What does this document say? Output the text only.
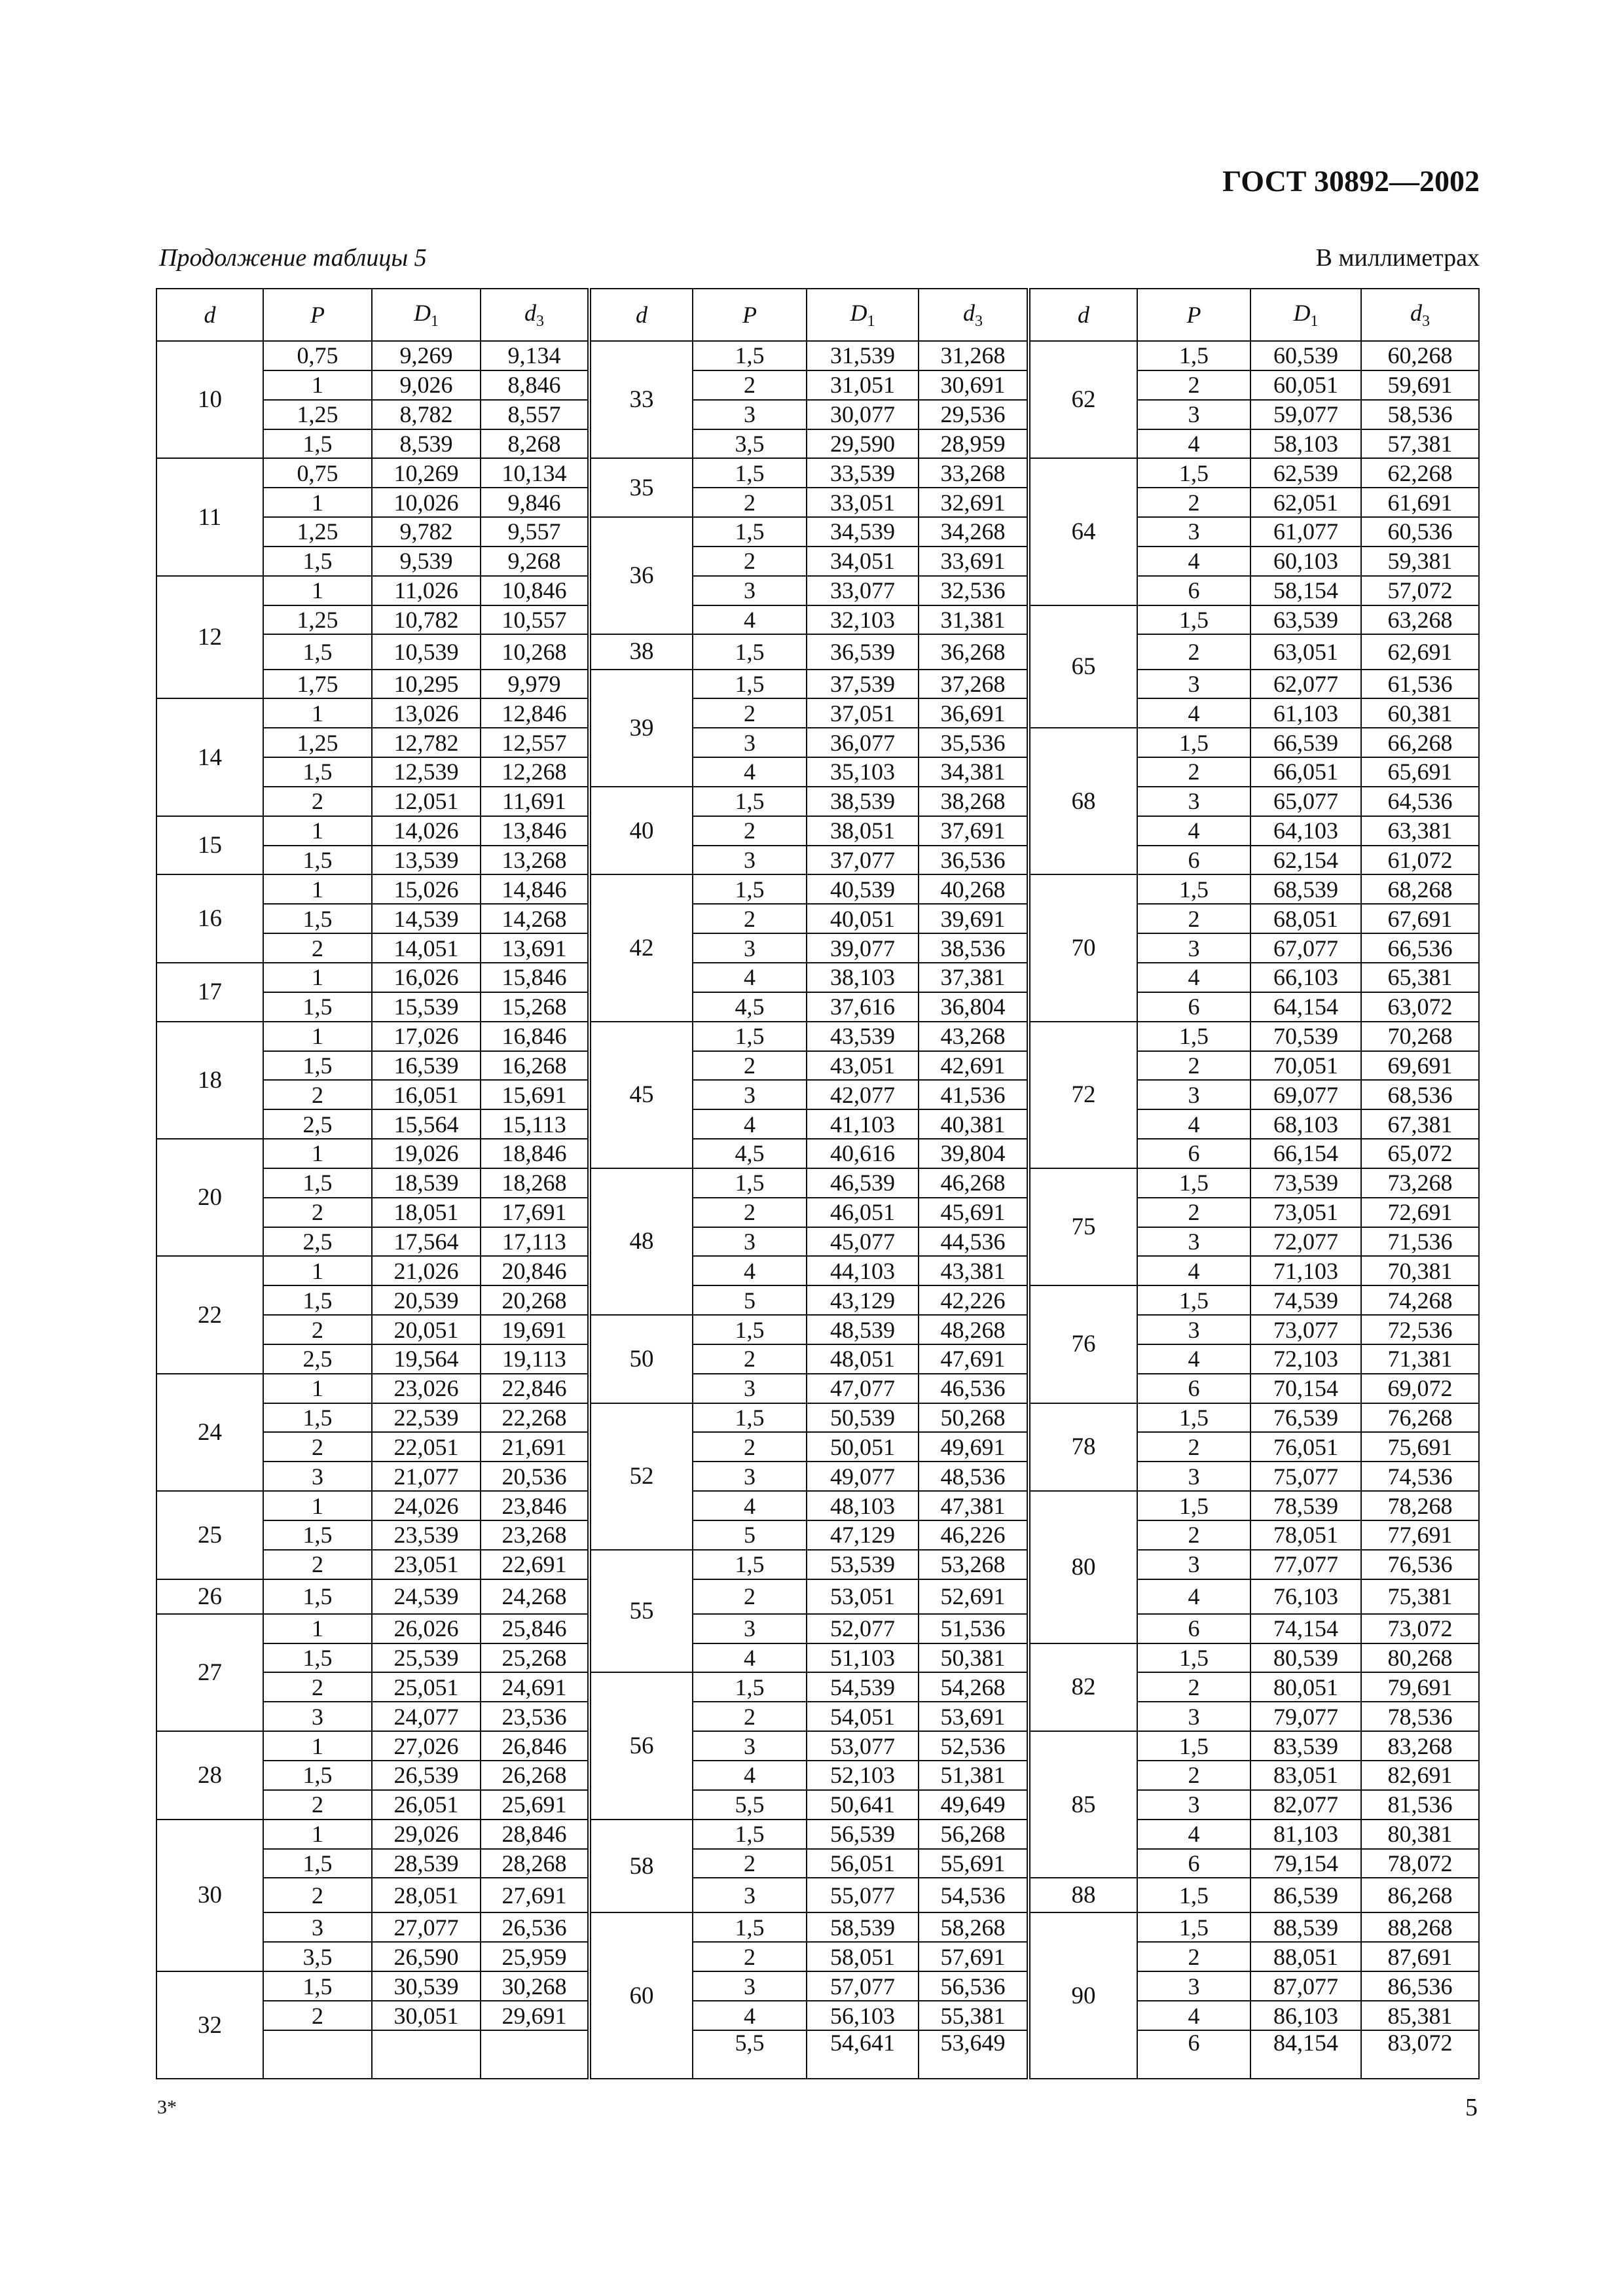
ГОСТ 30892—2002
Продолжение таблицы 5	В миллиметрах
d	P	$D_1$	$d_3$	d	P	$D_1$	$d_3$	d	P	$D_1$	$d_3$
10	0,75	9,269	9,134	33	1,5	31,539	31,268	62	1,5	60,539	60,268
	1	9,026	8,846		2	31,051	30,691		2	60,051	59,691
	1,25	8,782	8,557		3	30,077	29,536		3	59,077	58,536
	1,5	8,539	8,268		3,5	29,590	28,959		4	58,103	57,381
11	0,75	10,269	10,134	35	1,5	33,539	33,268	64	1,5	62,539	62,268
	1	10,026	9,846		2	33,051	32,691		2	62,051	61,691
	1,25	9,782	9,557	36	1,5	34,539	34,268		3	61,077	60,536
	1,5	9,539	9,268		2	34,051	33,691		4	60,103	59,381
12	1	11,026	10,846		3	33,077	32,536		6	58,154	57,072
	1,25	10,782	10,557		4	32,103	31,381	65	1,5	63,539	63,268
	1,5	10,539	10,268	38	1,5	36,539	36,268		2	63,051	62,691
	1,75	10,295	9,979	39	1,5	37,539	37,268		3	62,077	61,536
14	1	13,026	12,846		2	37,051	36,691		4	61,103	60,381
	1,25	12,782	12,557		3	36,077	35,536	68	1,5	66,539	66,268
	1,5	12,539	12,268		4	35,103	34,381		2	66,051	65,691
	2	12,051	11,691	40	1,5	38,539	38,268		3	65,077	64,536
15	1	14,026	13,846		2	38,051	37,691		4	64,103	63,381
	1,5	13,539	13,268		3	37,077	36,536		6	62,154	61,072
16	1	15,026	14,846	42	1,5	40,539	40,268	70	1,5	68,539	68,268
	1,5	14,539	14,268		2	40,051	39,691		2	68,051	67,691
	2	14,051	13,691		3	39,077	38,536		3	67,077	66,536
17	1	16,026	15,846		4	38,103	37,381		4	66,103	65,381
	1,5	15,539	15,268		4,5	37,616	36,804		6	64,154	63,072
18	1	17,026	16,846	45	1,5	43,539	43,268	72	1,5	70,539	70,268
	1,5	16,539	16,268		2	43,051	42,691		2	70,051	69,691
	2	16,051	15,691		3	42,077	41,536		3	69,077	68,536
	2,5	15,564	15,113		4	41,103	40,381		4	68,103	67,381
20	1	19,026	18,846		4,5	40,616	39,804		6	66,154	65,072
	1,5	18,539	18,268	48	1,5	46,539	46,268	75	1,5	73,539	73,268
	2	18,051	17,691		2	46,051	45,691		2	73,051	72,691
	2,5	17,564	17,113		3	45,077	44,536		3	72,077	71,536
22	1	21,026	20,846		4	44,103	43,381		4	71,103	70,381
	1,5	20,539	20,268		5	43,129	42,226	76	1,5	74,539	74,268
	2	20,051	19,691	50	1,5	48,539	48,268		3	73,077	72,536
	2,5	19,564	19,113		2	48,051	47,691		4	72,103	71,381
24	1	23,026	22,846		3	47,077	46,536		6	70,154	69,072
	1,5	22,539	22,268	52	1,5	50,539	50,268	78	1,5	76,539	76,268
	2	22,051	21,691		2	50,051	49,691		2	76,051	75,691
	3	21,077	20,536		3	49,077	48,536		3	75,077	74,536
25	1	24,026	23,846		4	48,103	47,381	80	1,5	78,539	78,268
	1,5	23,539	23,268		5	47,129	46,226		2	78,051	77,691
	2	23,051	22,691	55	1,5	53,539	53,268		3	77,077	76,536
26	1,5	24,539	24,268		2	53,051	52,691		4	76,103	75,381
27	1	26,026	25,846		3	52,077	51,536		6	74,154	73,072
	1,5	25,539	25,268		4	51,103	50,381	82	1,5	80,539	80,268
	2	25,051	24,691	56	1,5	54,539	54,268		2	80,051	79,691
	3	24,077	23,536		2	54,051	53,691		3	79,077	78,536
28	1	27,026	26,846		3	53,077	52,536	85	1,5	83,539	83,268
	1,5	26,539	26,268		4	52,103	51,381		2	83,051	82,691
	2	26,051	25,691		5,5	50,641	49,649		3	82,077	81,536
30	1	29,026	28,846	58	1,5	56,539	56,268		4	81,103	80,381
	1,5	28,539	28,268		2	56,051	55,691		6	79,154	78,072
	2	28,051	27,691		3	55,077	54,536	88	1,5	86,539	86,268
	3	27,077	26,536	60	1,5	58,539	58,268	90	1,5	88,539	88,268
	3,5	26,590	25,959		2	58,051	57,691		2	88,051	87,691
32	1,5	30,539	30,268		3	57,077	56,536		3	87,077	86,536
	2	30,051	29,691		4	56,103	55,381		4	86,103	85,381
					5,5	54,641	53,649		6	84,154	83,072
3*	5
